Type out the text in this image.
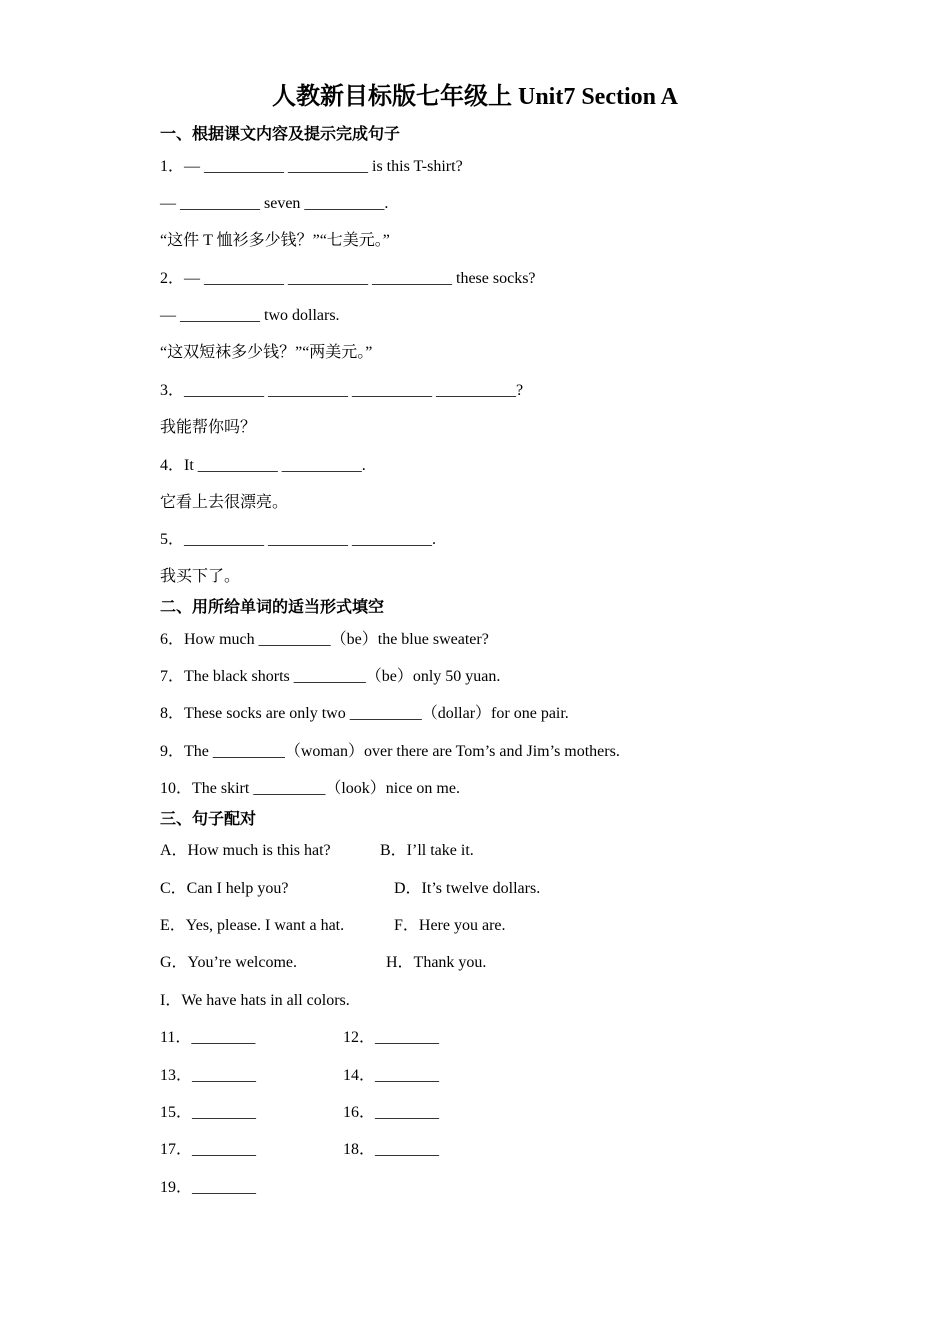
人教新目标版七年级上 Unit7 Section A
一、根据课文内容及提示完成句子
1．— __________ __________ is this T-shirt?
— __________ seven __________.
“这件 T 恤衫多少钱？”“七美元。”
2．— __________ __________ __________ these socks?
— __________ two dollars.
“这双短袜多少钱？”“两美元。”
3．__________ __________ __________ __________?
我能帮你吗？
4．It __________ __________.
它看上去很漂亮。
5．__________ __________ __________.
我买下了。
二、用所给单词的适当形式填空
6．How much _________（be）the blue sweater?
7．The black shorts _________（be）only 50 yuan.
8．These socks are only two _________（dollar）for one pair.
9．The _________（woman）over there are Tom’s and Jim’s mothers.
10．The skirt _________（look）nice on me.
三、句子配对
A．How much is this hat?	B．I’ll take it.
C．Can I help you?	D．It’s twelve dollars.
E．Yes, please. I want a hat.	F．Here you are.
G．You’re welcome.	H．Thank you.
I．We have hats in all colors.
11．________	12．________
13．________	14．________
15．________	16．________
17．________	18．________
19．________
